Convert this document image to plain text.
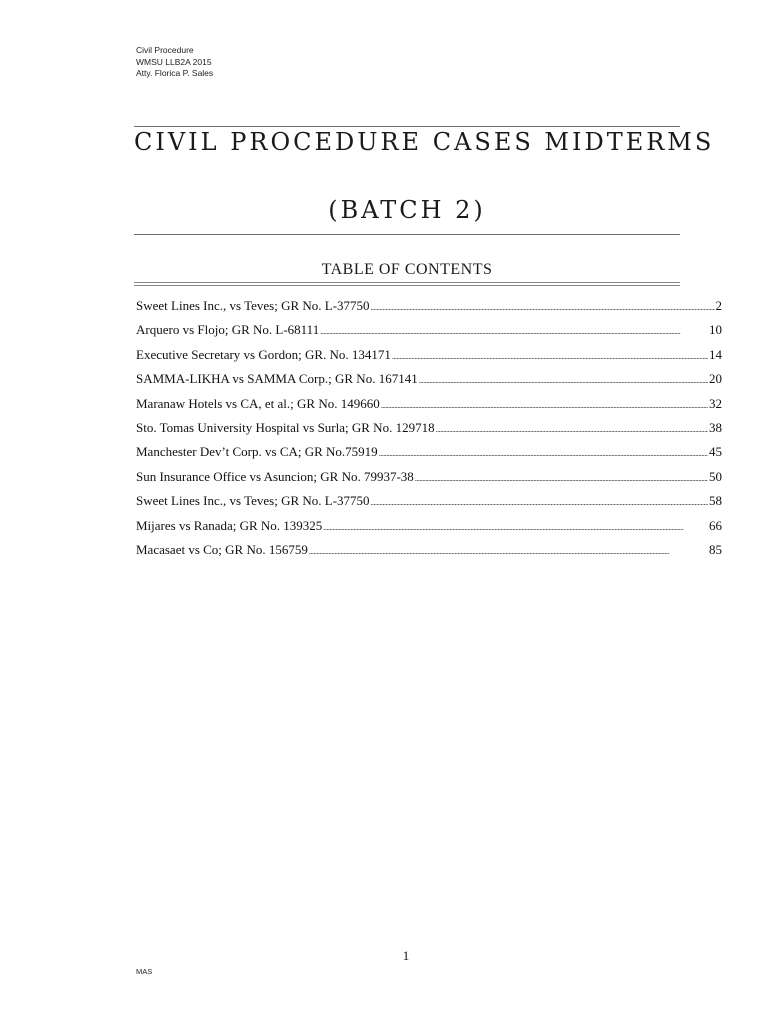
Civil Procedure
WMSU LLB2A 2015
Atty. Florica P. Sales
CIVIL PROCEDURE CASES MIDTERMS
(BATCH 2)
TABLE OF CONTENTS
Sweet Lines Inc., vs Teves; GR No. L-37750 .....	2
Arquero vs Flojo; GR No. L-68111 .....	10
Executive Secretary vs Gordon; GR. No. 134171 .....	14
SAMMA-LIKHA vs SAMMA Corp.; GR No. 167141 .....	20
Maranaw Hotels vs CA, et al.; GR No. 149660 .....	32
Sto. Tomas University Hospital vs Surla; GR No. 129718 .....	38
Manchester Dev’t Corp. vs CA; GR No.75919 .....	45
Sun Insurance Office vs Asuncion; GR No. 79937-38 .....	50
Sweet Lines Inc., vs Teves; GR No. L-37750 .....	58
Mijares vs Ranada; GR No. 139325 .....	66
Macasaet vs Co; GR No. 156759 .....	85
1
MAS
